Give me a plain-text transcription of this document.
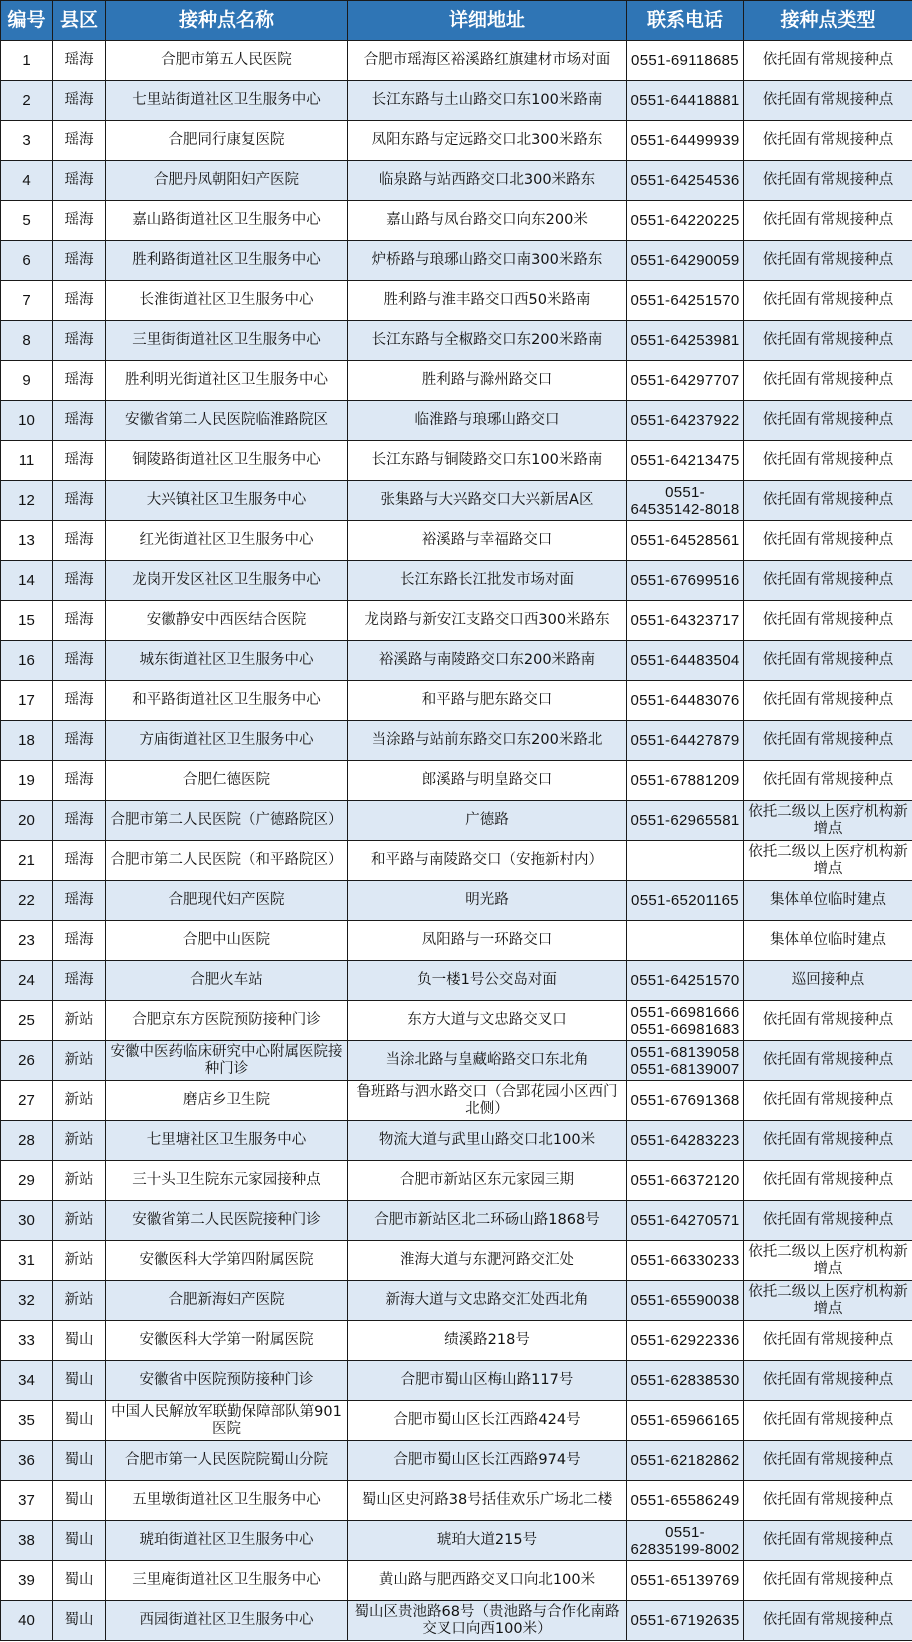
编号	县区	接种点名称	详细地址	联系电话	接种点类型
1	瑶海	合肥市第五人民医院	合肥市瑶海区裕溪路红旗建材市场对面	0551-69118685	依托固有常规接种点
2	瑶海	七里站街道社区卫生服务中心	长江东路与土山路交口东100米路南	0551-64418881	依托固有常规接种点
3	瑶海	合肥同行康复医院	凤阳东路与定远路交口北300米路东	0551-64499939	依托固有常规接种点
4	瑶海	合肥丹凤朝阳妇产医院	临泉路与站西路交口北300米路东	0551-64254536	依托固有常规接种点
5	瑶海	嘉山路街道社区卫生服务中心	嘉山路与凤台路交口向东200米	0551-64220225	依托固有常规接种点
6	瑶海	胜利路街道社区卫生服务中心	炉桥路与琅琊山路交口南300米路东	0551-64290059	依托固有常规接种点
7	瑶海	长淮街道社区卫生服务中心	胜利路与淮丰路交口西50米路南	0551-64251570	依托固有常规接种点
8	瑶海	三里街街道社区卫生服务中心	长江东路与全椒路交口东200米路南	0551-64253981	依托固有常规接种点
9	瑶海	胜利明光街道社区卫生服务中心	胜利路与滁州路交口	0551-64297707	依托固有常规接种点
10	瑶海	安徽省第二人民医院临淮路院区	临淮路与琅琊山路交口	0551-64237922	依托固有常规接种点
11	瑶海	铜陵路街道社区卫生服务中心	长江东路与铜陵路交口东100米路南	0551-64213475	依托固有常规接种点
12	瑶海	大兴镇社区卫生服务中心	张集路与大兴路交口大兴新居A区	0551-64535142-8018	依托固有常规接种点
13	瑶海	红光街道社区卫生服务中心	裕溪路与幸福路交口	0551-64528561	依托固有常规接种点
14	瑶海	龙岗开发区社区卫生服务中心	长江东路长江批发市场对面	0551-67699516	依托固有常规接种点
15	瑶海	安徽静安中西医结合医院	龙岗路与新安江支路交口西300米路东	0551-64323717	依托固有常规接种点
16	瑶海	城东街道社区卫生服务中心	裕溪路与南陵路交口东200米路南	0551-64483504	依托固有常规接种点
17	瑶海	和平路街道社区卫生服务中心	和平路与肥东路交口	0551-64483076	依托固有常规接种点
18	瑶海	方庙街道社区卫生服务中心	当涂路与站前东路交口东200米路北	0551-64427879	依托固有常规接种点
19	瑶海	合肥仁德医院	郎溪路与明皇路交口	0551-67881209	依托固有常规接种点
20	瑶海	合肥市第二人民医院（广德路院区）	广德路	0551-62965581	依托二级以上医疗机构新增点
21	瑶海	合肥市第二人民医院（和平路院区）	和平路与南陵路交口（安拖新村内）		依托二级以上医疗机构新增点
22	瑶海	合肥现代妇产医院	明光路	0551-65201165	集体单位临时建点
23	瑶海	合肥中山医院	凤阳路与一环路交口		集体单位临时建点
24	瑶海	合肥火车站	负一楼1号公交岛对面	0551-64251570	巡回接种点
25	新站	合肥京东方医院预防接种门诊	东方大道与文忠路交叉口	0551-66981666 0551-66981683	依托固有常规接种点
26	新站	安徽中医药临床研究中心附属医院接种门诊	当涂北路与皇藏峪路交口东北角	0551-68139058 0551-68139007	依托固有常规接种点
27	新站	磨店乡卫生院	鲁班路与泗水路交口（合郢花园小区西门北侧）	0551-67691368	依托固有常规接种点
28	新站	七里塘社区卫生服务中心	物流大道与武里山路交口北100米	0551-64283223	依托固有常规接种点
29	新站	三十头卫生院东元家园接种点	合肥市新站区东元家园三期	0551-66372120	依托固有常规接种点
30	新站	安徽省第二人民医院接种门诊	合肥市新站区北二环砀山路1868号	0551-64270571	依托固有常规接种点
31	新站	安徽医科大学第四附属医院	淮海大道与东淝河路交汇处	0551-66330233	依托二级以上医疗机构新增点
32	新站	合肥新海妇产医院	新海大道与文忠路交汇处西北角	0551-65590038	依托二级以上医疗机构新增点
33	蜀山	安徽医科大学第一附属医院	绩溪路218号	0551-62922336	依托固有常规接种点
34	蜀山	安徽省中医院预防接种门诊	合肥市蜀山区梅山路117号	0551-62838530	依托固有常规接种点
35	蜀山	中国人民解放军联勤保障部队第901医院	合肥市蜀山区长江西路424号	0551-65966165	依托固有常规接种点
36	蜀山	合肥市第一人民医院院蜀山分院	合肥市蜀山区长江西路974号	0551-62182862	依托固有常规接种点
37	蜀山	五里墩街道社区卫生服务中心	蜀山区史河路38号括佳欢乐广场北二楼	0551-65586249	依托固有常规接种点
38	蜀山	琥珀街道社区卫生服务中心	琥珀大道215号	0551-62835199-8002	依托固有常规接种点
39	蜀山	三里庵街道社区卫生服务中心	黄山路与肥西路交叉口向北100米	0551-65139769	依托固有常规接种点
40	蜀山	西园街道社区卫生服务中心	蜀山区贵池路68号（贵池路与合作化南路交叉口向西100米）	0551-67192635	依托固有常规接种点
